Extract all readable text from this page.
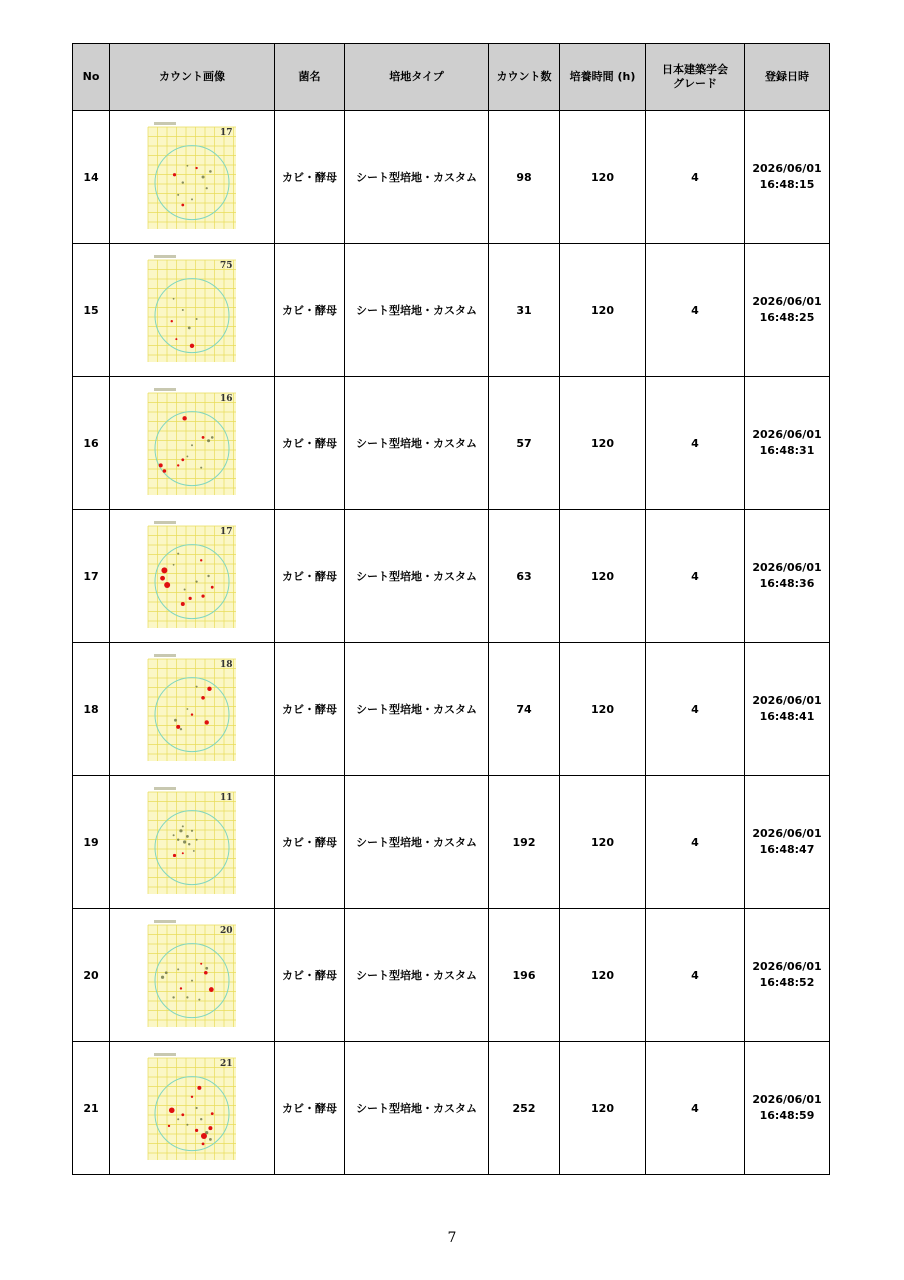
No	カウント画像	菌名	培地タイプ	カウント数	培養時間 (h)	日本建築学会
グレード	登録日時
14	17	カビ・酵母	シート型培地・カスタム	98	120	4	2026/06/01
16:48:15

15	75	カビ・酵母	シート型培地・カスタム	31	120	4	2026/06/01
16:48:25

16	16	カビ・酵母	シート型培地・カスタム	57	120	4	2026/06/01
16:48:31

17	17	カビ・酵母	シート型培地・カスタム	63	120	4	2026/06/01
16:48:36

18	18	カビ・酵母	シート型培地・カスタム	74	120	4	2026/06/01
16:48:41

19	11	カビ・酵母	シート型培地・カスタム	192	120	4	2026/06/01
16:48:47

20	20	カビ・酵母	シート型培地・カスタム	196	120	4	2026/06/01
16:48:52

21	21	カビ・酵母	シート型培地・カスタム	252	120	4	2026/06/01
16:48:59
7
